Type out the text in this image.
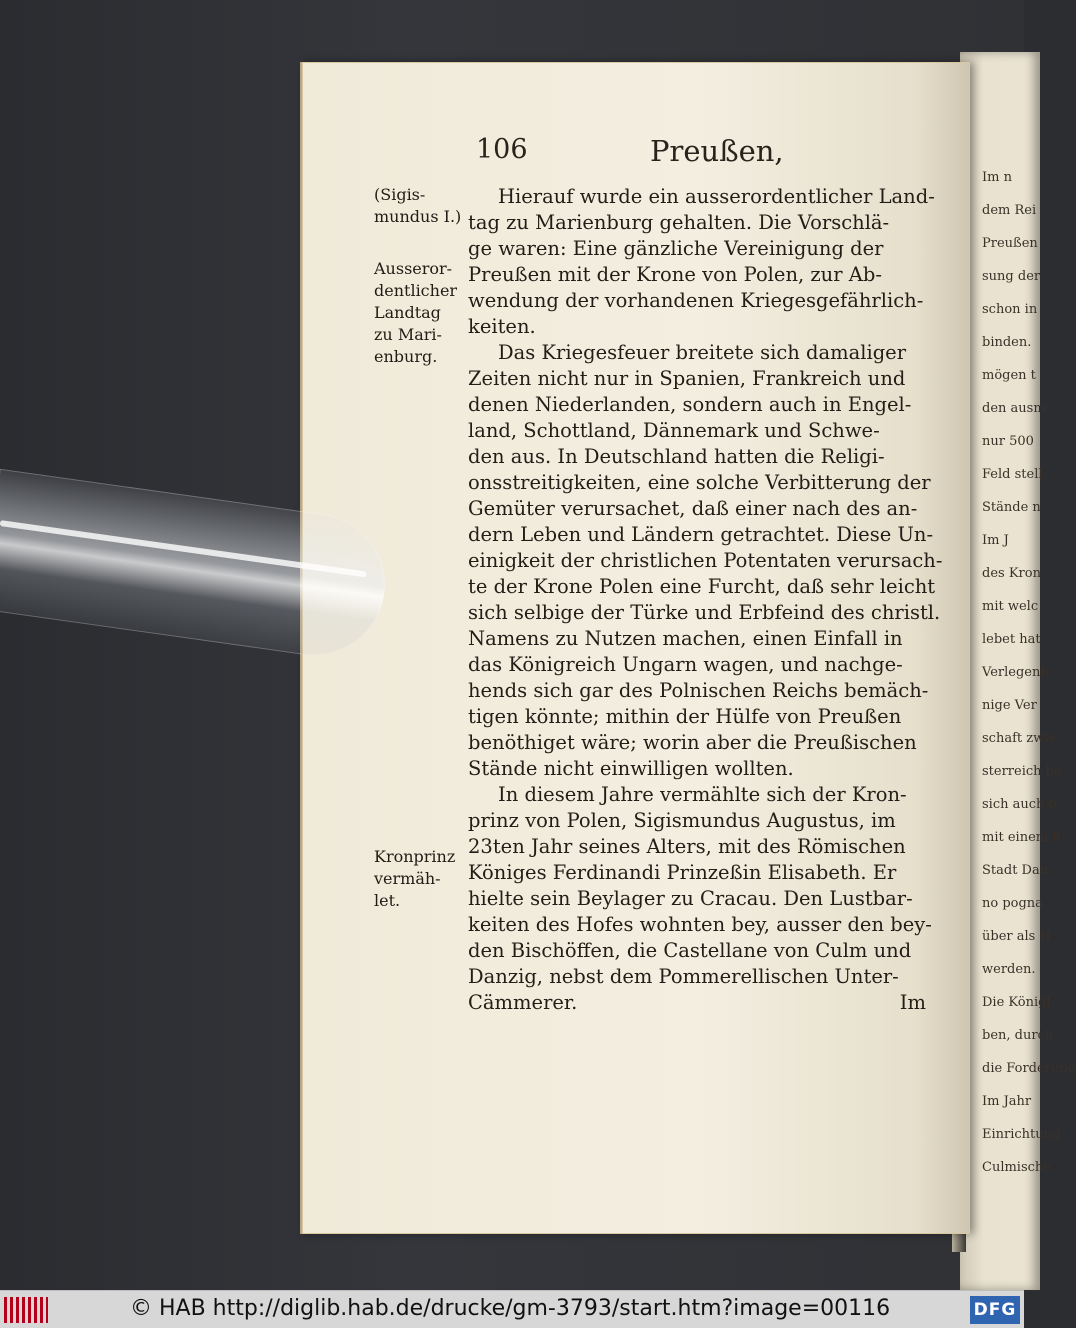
Im n
dem Rei
Preußen
sung der
schon in
binden.
mögen t
den ausm
nur 500
Feld stell
Stände n
Im J
des Kron
mit welc
lebet hat
Verlegenh
nige Ver
schaft zwis
sterreich be
sich auch b
mit einem h
Stadt Dan
no pogna
über als H
werden.
Die Königl
ben, durch
die Forderung
Im Jahr
Einrichtung
Culmische
106	Preußen,
(Sigis-
mundus I.)
Ausseror-
dentlicher
Landtag
zu Mari-
enburg.
Kronprinz
vermäh-
let.
Hierauf wurde ein ausserordentlicher Land-
tag zu Marienburg gehalten. Die Vorschlä-
ge waren: Eine gänzliche Vereinigung der
Preußen mit der Krone von Polen, zur Ab-
wendung der vorhandenen Kriegesgefährlich-
keiten.
Das Kriegesfeuer breitete sich damaliger
Zeiten nicht nur in Spanien, Frankreich und
denen Niederlanden, sondern auch in Engel-
land, Schottland, Dännemark und Schwe-
den aus. In Deutschland hatten die Religi-
onsstreitigkeiten, eine solche Verbitterung der
Gemüter verursachet, daß einer nach des an-
dern Leben und Ländern getrachtet. Diese Un-
einigkeit der christlichen Potentaten verursach-
te der Krone Polen eine Furcht, daß sehr leicht
sich selbige der Türke und Erbfeind des christl.
Namens zu Nutzen machen, einen Einfall in
das Königreich Ungarn wagen, und nachge-
hends sich gar des Polnischen Reichs bemäch-
tigen könnte; mithin der Hülfe von Preußen
benöthiget wäre; worin aber die Preußischen
Stände nicht einwilligen wollten.
In diesem Jahre vermählte sich der Kron-
prinz von Polen, Sigismundus Augustus, im
23ten Jahr seines Alters, mit des Römischen
Königes Ferdinandi Prinzeßin Elisabeth. Er
hielte sein Beylager zu Cracau. Den Lustbar-
keiten des Hofes wohnten bey, ausser den bey-
den Bischöffen, die Castellane von Culm und
Danzig, nebst dem Pommerellischen Unter-
Cämmerer.	Im
© HAB http://diglib.hab.de/drucke/gm-3793/start.htm?image=00116	DFG
